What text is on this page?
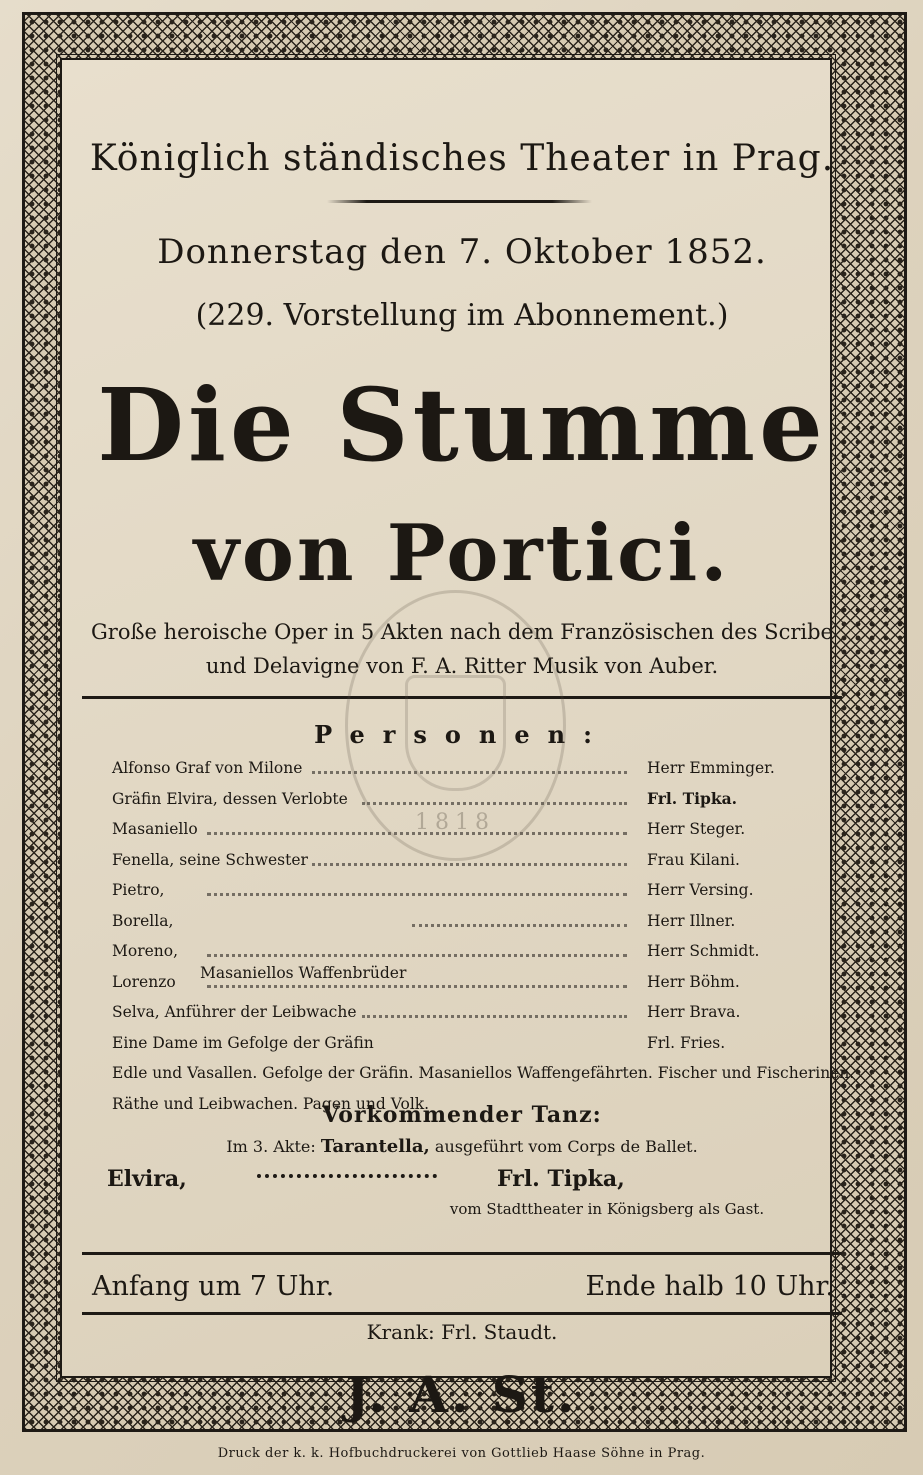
Königlich ständisches Theater in Prag.
Donnerstag den 7. Oktober 1852.
(229. Vorstellung im Abonnement.)
Die Stumme
von Portici.
Große heroische Oper in 5 Akten nach dem Französischen des Scribe
und Delavigne von F. A. Ritter Musik von Auber.
Personen:
Alfonso Graf von Milone	Herr Emminger.
Gräfin Elvira, dessen Verlobte	Frl. Tipka.
Masaniello	Herr Steger.
Fenella, seine Schwester	Frau Kilani.
Pietro,	Herr Versing.
Borella,	Herr Illner.
Moreno,	Herr Schmidt.
Lorenzo	Herr Böhm.
Selva, Anführer der Leibwache	Herr Brava.
Eine Dame im Gefolge der Gräfin	Frl. Fries.
Edle und Vasallen. Gefolge der Gräfin. Masaniellos Waffengefährten. Fischer und Fischerinen.
Räthe und Leibwachen. Pagen und Volk.
Masaniellos Waffenbrüder
Vorkommender Tanz:
Im 3. Akte: Tarantella, ausgeführt vom Corps de Ballet.
Elvira,	Frl. Tipka,
vom Stadttheater in Königsberg als Gast.
Anfang um 7 Uhr.	Ende halb 10 Uhr.
Krank: Frl. Staudt.
1818
J. A. St.
Druck der k. k. Hofbuchdruckerei von Gottlieb Haase Söhne in Prag.
